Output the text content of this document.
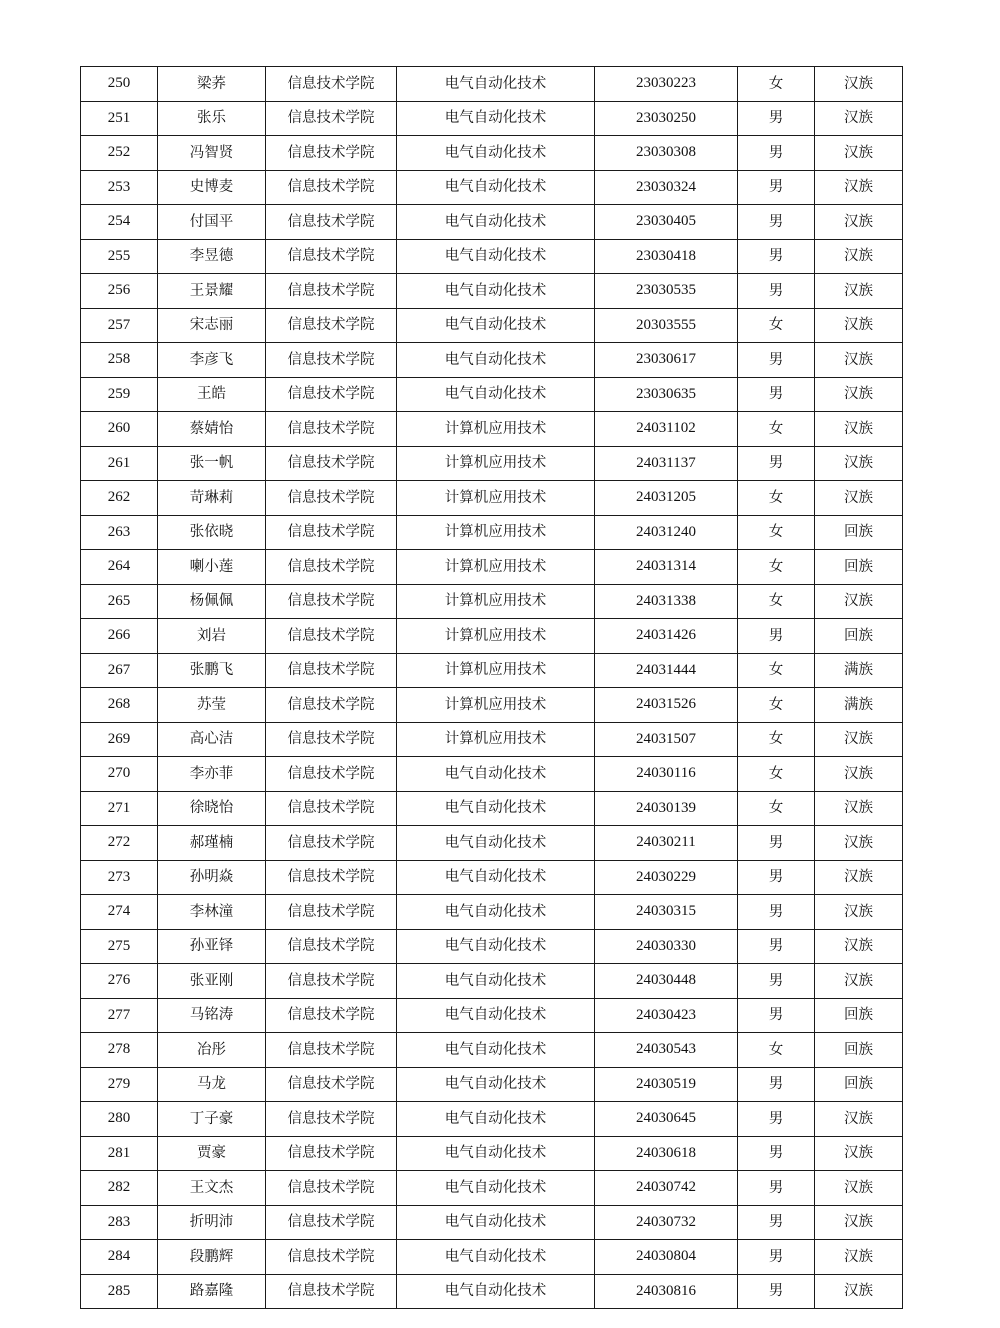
250	梁荞	信息技术学院	电气自动化技术	23030223	女	汉族
251	张乐	信息技术学院	电气自动化技术	23030250	男	汉族
252	冯智贤	信息技术学院	电气自动化技术	23030308	男	汉族
253	史博麦	信息技术学院	电气自动化技术	23030324	男	汉族
254	付国平	信息技术学院	电气自动化技术	23030405	男	汉族
255	李昱德	信息技术学院	电气自动化技术	23030418	男	汉族
256	王景耀	信息技术学院	电气自动化技术	23030535	男	汉族
257	宋志丽	信息技术学院	电气自动化技术	20303555	女	汉族
258	李彦飞	信息技术学院	电气自动化技术	23030617	男	汉族
259	王皓	信息技术学院	电气自动化技术	23030635	男	汉族
260	蔡婧怡	信息技术学院	计算机应用技术	24031102	女	汉族
261	张一帆	信息技术学院	计算机应用技术	24031137	男	汉族
262	苛琳莉	信息技术学院	计算机应用技术	24031205	女	汉族
263	张依晓	信息技术学院	计算机应用技术	24031240	女	回族
264	喇小莲	信息技术学院	计算机应用技术	24031314	女	回族
265	杨佩佩	信息技术学院	计算机应用技术	24031338	女	汉族
266	刘岩	信息技术学院	计算机应用技术	24031426	男	回族
267	张鹏飞	信息技术学院	计算机应用技术	24031444	女	满族
268	苏莹	信息技术学院	计算机应用技术	24031526	女	满族
269	高心洁	信息技术学院	计算机应用技术	24031507	女	汉族
270	李亦菲	信息技术学院	电气自动化技术	24030116	女	汉族
271	徐晓怡	信息技术学院	电气自动化技术	24030139	女	汉族
272	郝瑾楠	信息技术学院	电气自动化技术	24030211	男	汉族
273	孙明焱	信息技术学院	电气自动化技术	24030229	男	汉族
274	李林潼	信息技术学院	电气自动化技术	24030315	男	汉族
275	孙亚铎	信息技术学院	电气自动化技术	24030330	男	汉族
276	张亚刚	信息技术学院	电气自动化技术	24030448	男	汉族
277	马铭涛	信息技术学院	电气自动化技术	24030423	男	回族
278	冶彤	信息技术学院	电气自动化技术	24030543	女	回族
279	马龙	信息技术学院	电气自动化技术	24030519	男	回族
280	丁子豪	信息技术学院	电气自动化技术	24030645	男	汉族
281	贾豪	信息技术学院	电气自动化技术	24030618	男	汉族
282	王文杰	信息技术学院	电气自动化技术	24030742	男	汉族
283	折明沛	信息技术学院	电气自动化技术	24030732	男	汉族
284	段鹏辉	信息技术学院	电气自动化技术	24030804	男	汉族
285	路嘉隆	信息技术学院	电气自动化技术	24030816	男	汉族
